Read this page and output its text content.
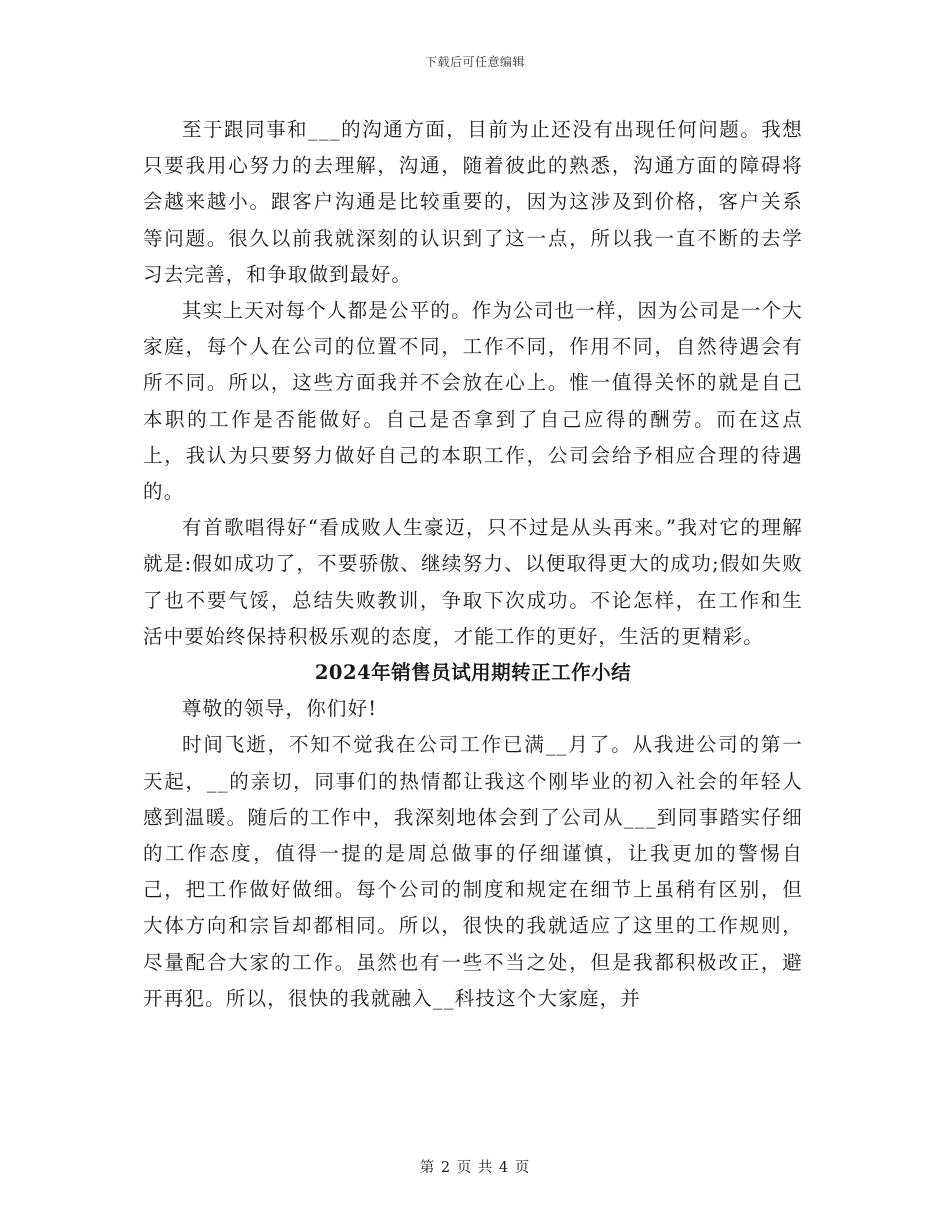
下载后可任意编辑

至于跟同事和___的沟通方面，目前为止还没有出现任何问题。我想只要我用心努力的去理解，沟通，随着彼此的熟悉，沟通方面的障碍将会越来越小。跟客户沟通是比较重要的，因为这涉及到价格，客户关系等问题。很久以前我就深刻的认识到了这一点，所以我一直不断的去学习去完善，和争取做到最好。

其实上天对每个人都是公平的。作为公司也一样，因为公司是一个大家庭，每个人在公司的位置不同，工作不同，作用不同，自然待遇会有所不同。所以，这些方面我并不会放在心上。惟一值得关怀的就是自己本职的工作是否能做好。自己是否拿到了自己应得的酬劳。而在这点上，我认为只要努力做好自己的本职工作，公司会给予相应合理的待遇的。

有首歌唱得好“看成败人生豪迈，只不过是从头再来。”我对它的理解就是:假如成功了，不要骄傲、继续努力、以便取得更大的成功;假如失败了也不要气馁，总结失败教训，争取下次成功。不论怎样，在工作和生活中要始终保持积极乐观的态度，才能工作的更好，生活的更精彩。

2024年销售员试用期转正工作小结

尊敬的领导，你们好!

时间飞逝，不知不觉我在公司工作已满__月了。从我进公司的第一天起，__的亲切，同事们的热情都让我这个刚毕业的初入社会的年轻人感到温暖。随后的工作中，我深刻地体会到了公司从___到同事踏实仔细的工作态度，值得一提的是周总做事的仔细谨慎，让我更加的警惕自己，把工作做好做细。每个公司的制度和规定在细节上虽稍有区别，但大体方向和宗旨却都相同。所以，很快的我就适应了这里的工作规则，尽量配合大家的工作。虽然也有一些不当之处，但是我都积极改正，避开再犯。所以，很快的我就融入__科技这个大家庭，并

第 2 页 共 4 页
